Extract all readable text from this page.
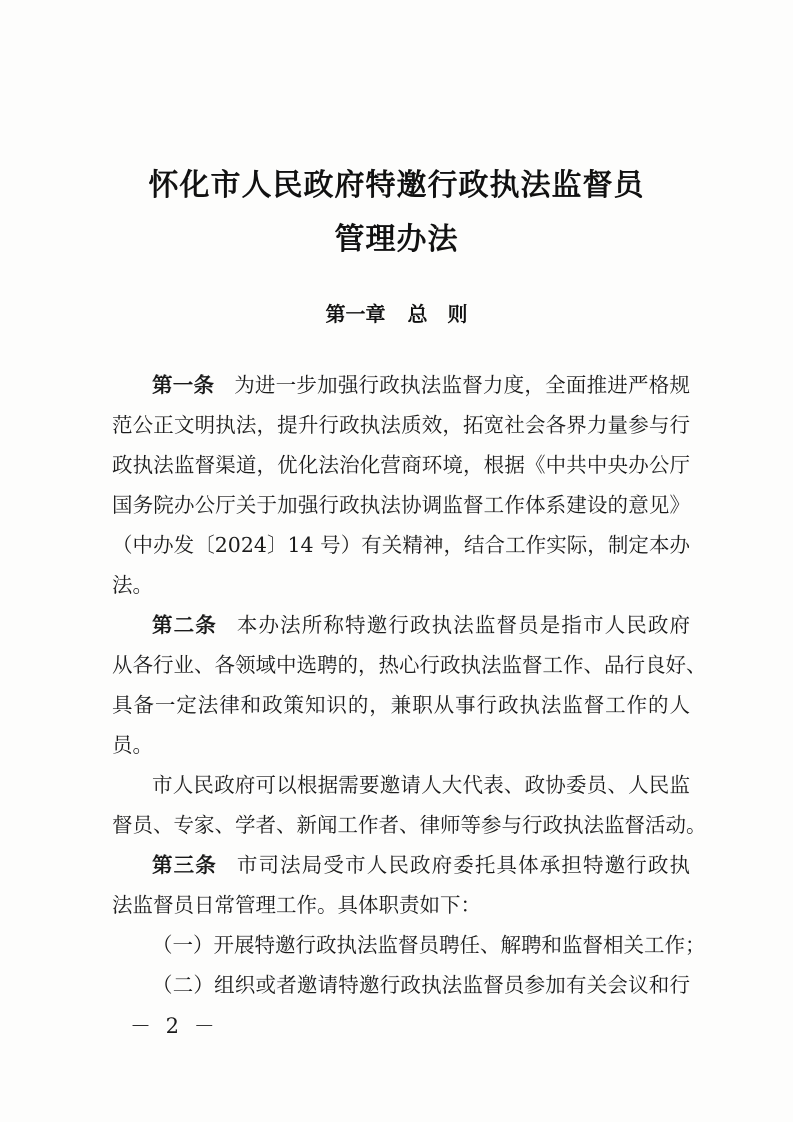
怀化市人民政府特邀行政执法监督员
管理办法
第一章 总　则
第一条 为进一步加强行政执法监督力度，全面推进严格规
范公正文明执法，提升行政执法质效，拓宽社会各界力量参与行
政执法监督渠道，优化法治化营商环境，根据《中共中央办公厅
国务院办公厅关于加强行政执法协调监督工作体系建设的意见》
（中办发〔2024〕14 号）有关精神，结合工作实际，制定本办
法。
第二条 本办法所称特邀行政执法监督员是指市人民政府
从各行业、各领域中选聘的，热心行政执法监督工作、品行良好、
具备一定法律和政策知识的，兼职从事行政执法监督工作的人
员。
市人民政府可以根据需要邀请人大代表、政协委员、人民监
督员、专家、学者、新闻工作者、律师等参与行政执法监督活动。
第三条 市司法局受市人民政府委托具体承担特邀行政执
法监督员日常管理工作。具体职责如下：
（一）开展特邀行政执法监督员聘任、解聘和监督相关工作；
（二）组织或者邀请特邀行政执法监督员参加有关会议和行
－ 2 －
